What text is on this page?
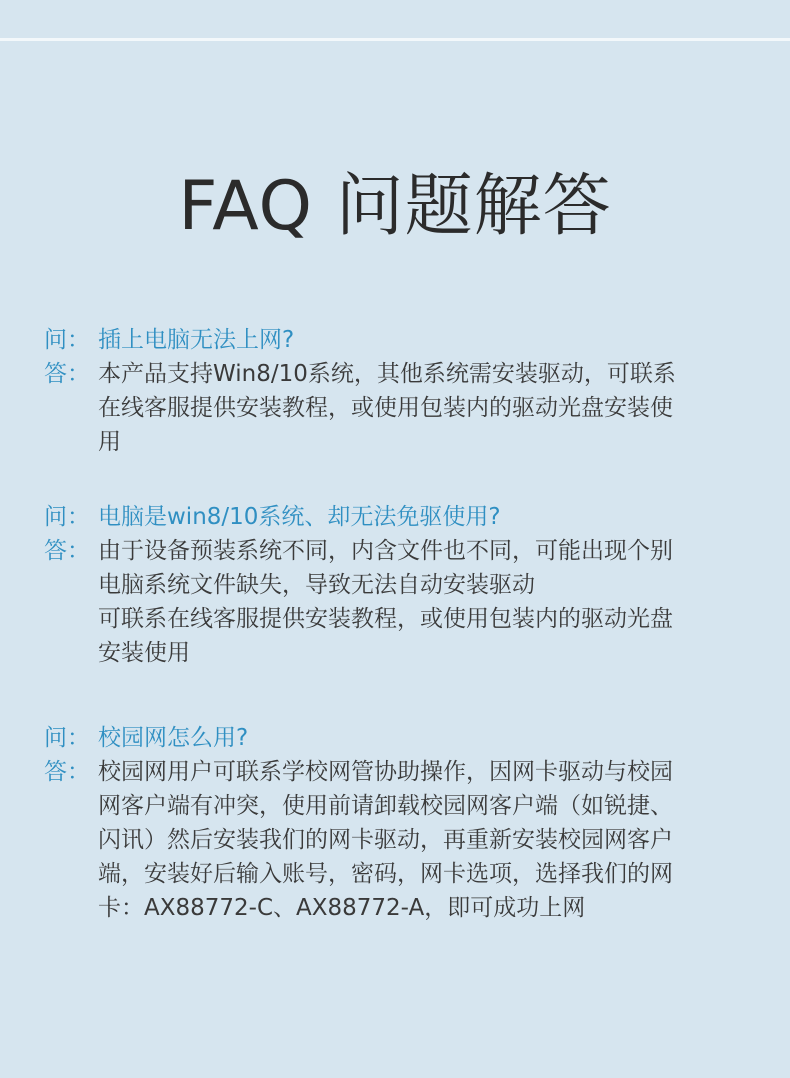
FAQ 问题解答
问： 插上电脑无法上网?
答： 本产品支持Win8/10系统，其他系统需安装驱动，可联系
在线客服提供安装教程，或使用包装内的驱动光盘安装使
用
问： 电脑是win8/10系统、却无法免驱使用?
答： 由于设备预装系统不同，内含文件也不同，可能出现个别
电脑系统文件缺失，导致无法自动安装驱动
可联系在线客服提供安装教程，或使用包装内的驱动光盘
安装使用
问： 校园网怎么用?
答： 校园网用户可联系学校网管协助操作，因网卡驱动与校园
网客户端有冲突，使用前请卸载校园网客户端（如锐捷、
闪讯）然后安装我们的网卡驱动，再重新安装校园网客户
端，安装好后输入账号，密码，网卡选项，选择我们的网
卡：AX88772-C、AX88772-A，即可成功上网
